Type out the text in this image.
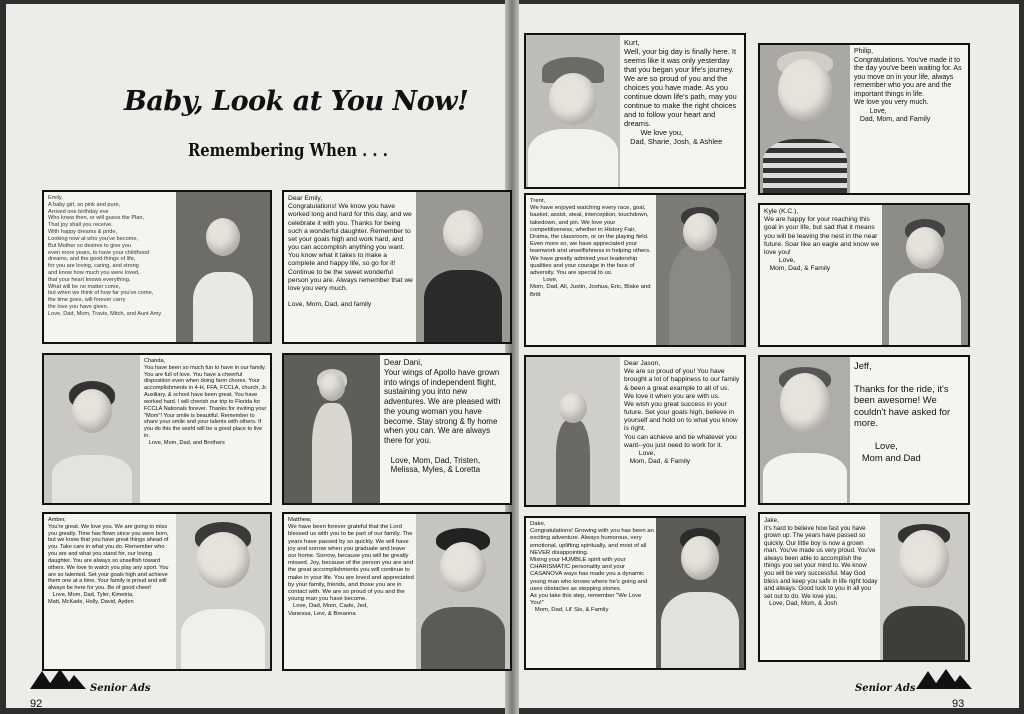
Baby, Look at You Now!
Remembering When . . .
Emily,
A baby girl, so pink and pure,
Arrived one birthday eve
Who knew then, or will guess the Plan,
That joy shall you receive.
With happy dreams & pride,
Looking now at who you've become,
But Mother so desires to give you
even more years, to have your childhood
dreams, and the good things of life,
for you are loving, caring, and strong
and know how much you were loved,
that your heart knows everything.
What will be no matter come,
but when we think of how far you've come,
the time goes, will forever carry
the love you have given.
Love, Dad, Mom, Travis, Mitch, and Aunt Amy
Dear Emily,
Congratulations! We know you have worked long and hard for this day, and we celebrate it with you. Thanks for being such a wonderful daughter. Remember to set your goals high and work hard, and you can accomplish anything you want. You know what it takes to make a complete and happy life, so go for it!
Continue to be the sweet wonderful person you are. Always remember that we love you very much.

Love, Mom, Dad, and family
Chanda,
You have been so much fun to have in our family. You are full of love. You have a cheerful disposition even when doing farm chores. Your accomplishments in 4-H, FFA, FCCLA, church, Jr. Auxiliary, & school have been great. You have worked hard. I will cherish our trip to Florida for FCCLA Nationals forever. Thanks for inviting your "Mom"! Your smile is beautiful. Remember to share your smile and your talents with others. If you do this the world will be a good place to live in.
Love, Mom, Dad, and Brothers
Dear Dani,
Your wings of Apollo have grown into wings of independent flight, sustaining you into new adventures. We are pleased with the young woman you have become. Stay strong & fly home when you can. We are always there for you.

Love, Mom, Dad, Tristen,
Melissa, Myles, & Loretta
Amber,
You're great. We love you. We are going to miss you greatly. Time has flown since you were born, but we know that you have great things ahead of you. Take care in what you do. Remember who you are and what you stand for, our loving daughter. You are always so unselfish toward others. We love to watch you play any sport. You are so talented. Set your goals high and achieve them one at a time. Your family is proud and will always be here for you. Be of good cheer!
Love, Mom, Dad, Tyler, Kimetria,
Matt, McKade, Holly, David, Ayden
Matthew,
We have been forever grateful that the Lord blessed us with you to be part of our family. The years have passed by so quickly. We will have joy and sorrow when you graduate and leave our home. Sorrow, because you will be greatly missed. Joy, because of the person you are and the great accomplishments you will continue to make in your life. You are loved and appreciated by your family, friends, and those you are in contact with. We are so proud of you and the young man you have become.
Love, Dad, Mom, Cade, Jed,
Vanessa, Levi, & Breanna
Senior Ads
92
Kurt,
Well, your big day is finally here. It seems like it was only yesterday that you began your life's journey. We are so proud of you and the choices you have made. As you continue down life's path, may you continue to make the right choices and to follow your heart and dreams.
We love you,
Dad, Sharie, Josh, & Ashlee
Philip,
Congratulations. You've made it to the day you've been waiting for. As you move on in your life, always remember who you are and the important things in life.
We love you very much.
Love,
Dad, Mom, and Family
Trent,
We have enjoyed watching every race, goal, basket, assist, steal, interception, touchdown, takedown, and pin. We love your competitiveness, whether in History Fair, Drama, the classroom, or on the playing field. Even more so, we have appreciated your teamwork and unselfishness in helping others. We have greatly admired your leadership qualities and your courage in the face of adversity. You are special to us.
Love,
Mom, Dad, Ali, Justin, Joshua, Eric, Blake and Britt
Kyle (K.C.),
We are happy for your reaching this goal in your life, but sad that it means you will be leaving the nest in the near future. Soar like an eagle and know we love you!
Love,
Mom, Dad, & Family
Dear Jason,
We are so proud of you! You have brought a lot of happiness to our family & been a great example to all of us. We love it when you are with us.
We wish you great success in your future. Set your goals high, believe in yourself and hold on to what you know is right.
You can achieve and be whatever you want--you just need to work for it.
Love,
Mom, Dad, & Family
Jeff,

Thanks for the ride, it's been awesome! We couldn't have asked for more.

Love,
Mom and Dad
Dake,
Congratulations! Growing with you has been an exciting adventure. Always humorous, very emotional, uplifting spiritually, and most of all NEVER disappointing.
Mixing your HUMBLE spirit with your CHARISMATIC personality and your CASANOVA ways has made you a dynamic young man who knows where he's going and uses obstacles as stepping stones.
As you take this step, remember "We Love You!"
Mom, Dad, Lil' Sis, & Family
Jake,
It's hard to believe how fast you have grown up. The years have passed so quickly. Our little boy is now a grown man. You've made us very proud. You've always been able to accomplish the things you set your mind to. We know you will be very successful. May God bless and keep you safe in life right today and always. Good luck to you in all you set out to do. We love you,
Love, Dad, Mom, & Josh
Senior Ads
93
